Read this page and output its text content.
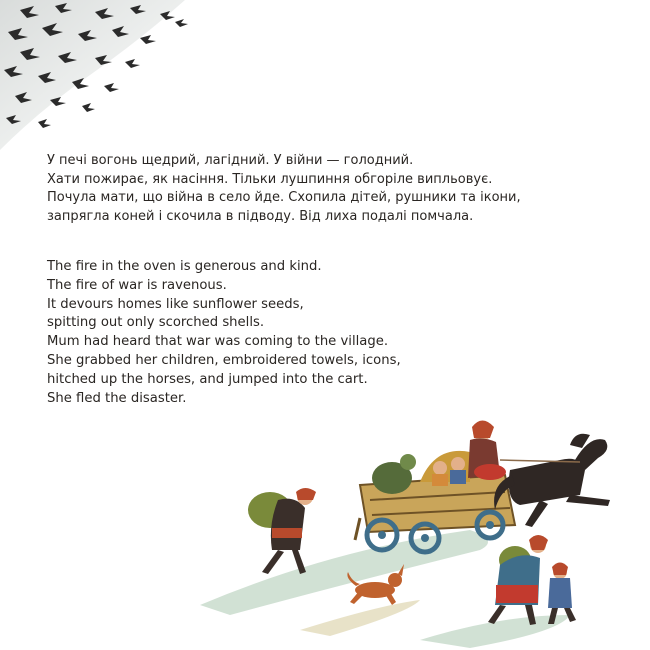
У печі вогонь щедрий, лагідний. У війни — голодний.
Хати пожирає, як насіння. Тільки лушпиння обгоріле випльовує.
Почула мати, що війна в село йде. Схопила дітей, рушники та ікони,
запрягла коней і скочила в підводу. Від лиха подалі помчала.
The fire in the oven is generous and kind.
The fire of war is ravenous.
It devours homes like sunflower seeds,
spitting out only scorched shells.
Mum had heard that war was coming to the village.
She grabbed her children, embroidered towels, icons,
hitched up the horses, and jumped into the cart.
She fled the disaster.
